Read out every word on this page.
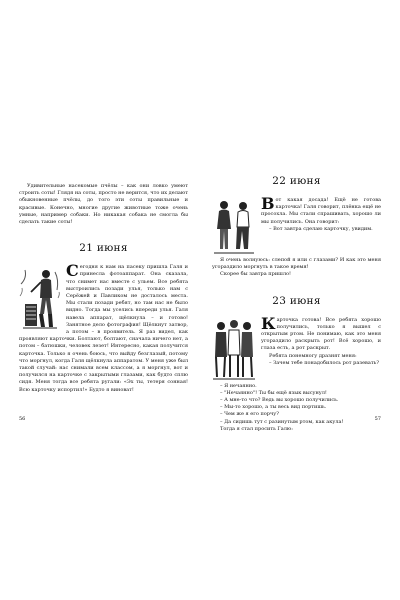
Удивительные насекомые пчёлы – как они ловко умеют строить соты! Глядя на соты, просто не верится, что их делают обыкновенные пчёлы, до того эти соты правильные и красивые. Конечно, многие другие животные тоже очень умные, например собаки. Но никакая собака не смогла бы сделать такие соты!

21 июня
С егодня к нам на пасеку пришла Галя и принесла фотоаппарат. Она сказала, что снимет нас вместе с ульем. Все ребята выстроились позади улья, только нам с Серёжей и Павликом не досталось места. Мы стали позади ребят, но там нас не было видно. Тогда мы уселись впереди улья. Галя навела аппарат, щёлкнула – и готово! Занятное дело фотография! Щёлкнут затвор, а потом – в проявитель. Я раз видел, как проявляют карточки. Болтают, болтают, сначала ничего нет, а потом – батюшки, человек лезет! Интересно, какая получится карточка. Только я очень боюсь, что выйду безглазый, потому что моргнул, когда Галя щёлкнула аппаратом. У меня уже был такой случай: нас снимали всем классом, а я моргнул, вот и получился на карточке с закрытыми глазами, как будто сплю сидя. Меня тогда все ребята ругали: «Эх ты, тетеря сонная! Всю карточку испортил!» Будто я виноват!

22 июня
В от какая досада! Ещё не готова карточка! Галя говорит, плёнка ещё не просохла. Мы стали спрашивать, хорошо ли мы получились. Она говорит:

– Вот завтра сделаю карточку, увидим.

Я очень волнуюсь: слепой я или с глазами? И как это меня угораздило моргнуть в такое время!

Скорее бы завтра пришло!

23 июня
К арточка готова! Все ребята хорошо получились, только я вышел с открытым ртом. Не понимаю, как это меня угораздило раскрыть рот! Всё хорошо, и глаза есть, а рот раскрыт.

Ребята понемногу дразнят меня:

– Зачем тебе понадобилось рот разевать?

– Я нечаянно.

– "Нечаянно"! Ты бы ещё язык высунул!

– А мне-то что? Ведь вы хорошо получились.

– Мы-то хорошо, а ты весь вид портишь.

– Чем же я его порчу?

– Да сидишь тут с разинутым ртом, как акула!

Тогда я стал просить Галю:

56	57
